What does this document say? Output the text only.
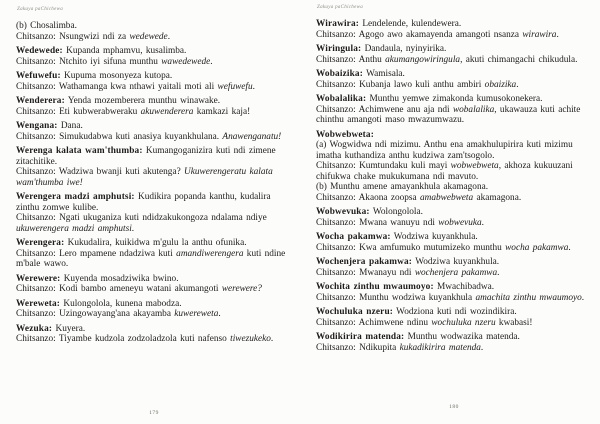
Zakuya paChichewa
(b) Chosalimba.
Chitsanzo: Nsungwizi ndi za wedewede.
Wedewede: Kupanda mphamvu, kusalimba.
Chitsanzo: Ntchito iyi sifuna munthu wawedewede.
Wefuwefu: Kupuma mosonyeza kutopa.
Chitsanzo: Wathamanga kwa nthawi yaitali moti ali wefuwefu.
Wenderera: Yenda mozemberera munthu winawake.
Chitsanzo: Eti kubwerabweraku akuwenderera kamkazi kaja!
Wengana: Dana.
Chitsanzo: Simukudabwa kuti anasiya kuyankhulana. Anawenganatu!
Werenga kalata wam'thumba: Kumangoganizira kuti ndi zimene zitachitike.
Chitsanzo: Wadziwa bwanji kuti akutenga? Ukuwerengeratu kalata wam'thumba iwe!
Werengera madzi amphutsi: Kudikira popanda kanthu, kudalira zinthu zomwe kulibe.
Chitsanzo: Ngati ukuganiza kuti ndidzakukongoza ndalama ndiye ukuwerengera madzi amphutsi.
Werengera: Kukudalira, kuikidwa m'gulu la anthu ofunika.
Chitsanzo: Lero mpamene ndadziwa kuti amandiwerengera kuti ndine m'bale wawo.
Werewere: Kuyenda mosadziwika bwino.
Chitsanzo: Kodi bambo ameneyu watani akumangoti werewere?
Wereweta: Kulongolola, kunena mabodza.
Chitsanzo: Uzingowayang'ana akayamba kuwereweta.
Wezuka: Kuyera.
Chitsanzo: Tiyambe kudzola zodzoladzola kuti nafenso tiwezukeko.
179
Zakuya paChichewa
Wirawira: Lendelende, kulendewera.
Chitsanzo: Agogo awo akamayenda amangoti nsanza wirawira.
Wiringula: Dandaula, nyinyirika.
Chitsanzo: Anthu akumangowiringula, akuti chimangachi chikudula.
Wobaizika: Wamisala.
Chitsanzo: Kubanja lawo kuli anthu ambiri obaizika.
Wobalalika: Munthu yemwe zimakonda kumusokonekera.
Chitsanzo: Achimwene anu aja ndi wobalalika, ukawauza kuti achite chinthu amangoti maso mwazumwazu.
Wobwebweta:
(a) Wogwidwa ndi mizimu. Anthu ena amakhulupirira kuti mizimu imatha kuthandiza anthu kudziwa zam'tsogolo.
Chitsanzo: Kumtundaku kuli mayi wobwebweta, akhoza kukuuzani chifukwa chake mukukumana ndi mavuto.
(b) Munthu amene amayankhula akamagona.
Chitsanzo: Akaona zoopsa amabwebweta akamagona.
Wobwevuka: Wolongolola.
Chitsanzo: Mwana wanuyu ndi wobwevuka.
Wocha pakamwa: Wodziwa kuyankhula.
Chitsanzo: Kwa amfumuko mutumizeko munthu wocha pakamwa.
Wochenjera pakamwa: Wodziwa kuyankhula.
Chitsanzo: Mwanayu ndi wochenjera pakamwa.
Wochita zinthu mwaumoyo: Mwachibadwa.
Chitsanzo: Munthu wodziwa kuyankhula amachita zinthu mwaumoyo.
Wochuluka nzeru: Wodziona kuti ndi wozindikira.
Chitsanzo: Achimwene ndinu wochuluka nzeru kwabasi!
Wodikirira matenda: Munthu wodwazika matenda.
Chitsanzo: Ndikupita kukadikirira matenda.
180
